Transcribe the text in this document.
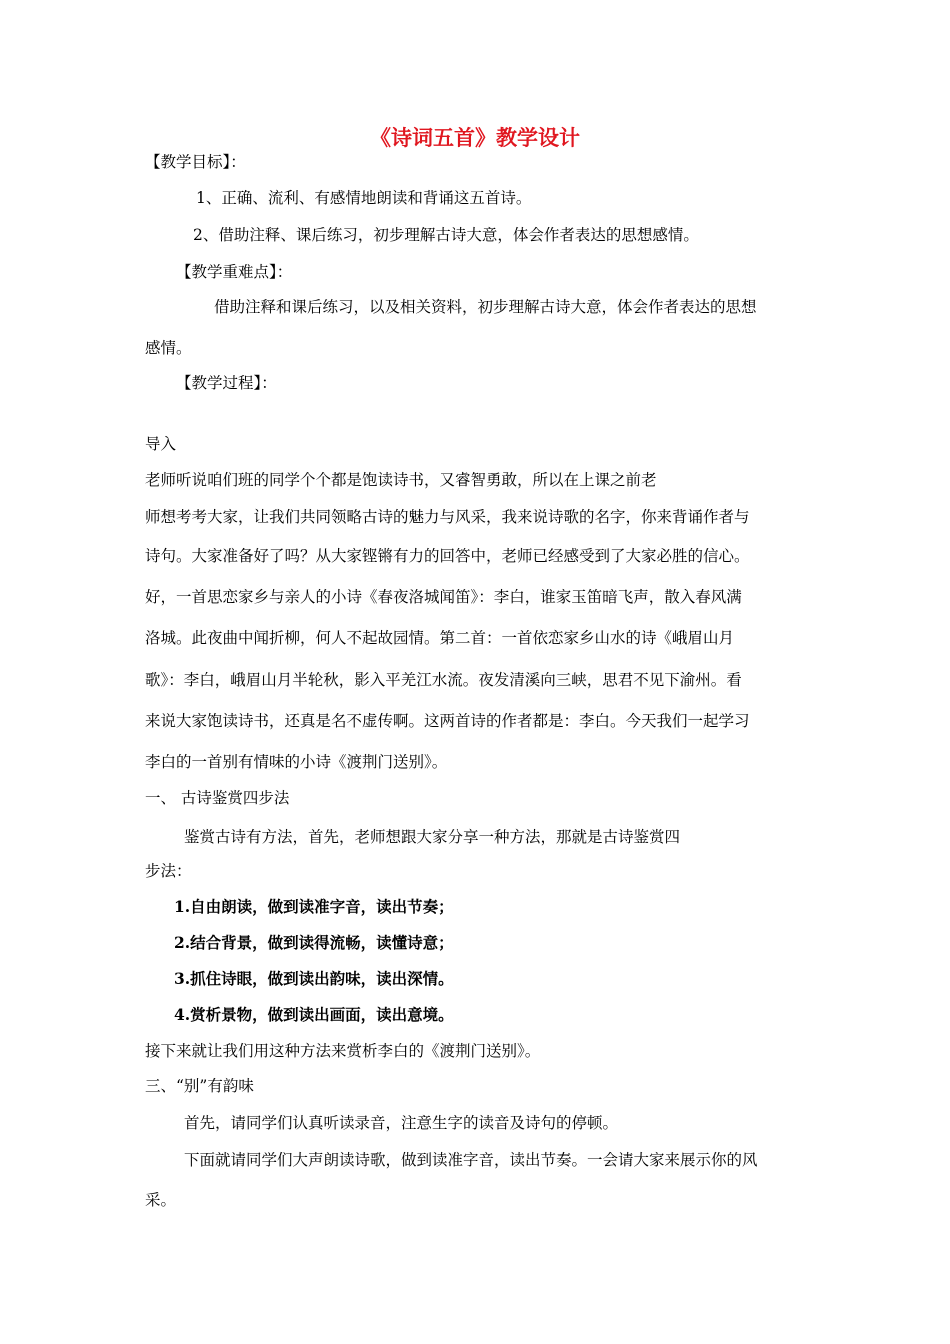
《诗词五首》教学设计
【教学目标】：
1、正确、流利、有感情地朗读和背诵这五首诗。
2、借助注释、课后练习，初步理解古诗大意，体会作者表达的思想感情。
【教学重难点】：
借助注释和课后练习，以及相关资料，初步理解古诗大意，体会作者表达的思想
感情。
【教学过程】：
导入
老师听说咱们班的同学个个都是饱读诗书，又睿智勇敢，所以在上课之前老
师想考考大家，让我们共同领略古诗的魅力与风采，我来说诗歌的名字，你来背诵作者与
诗句。大家准备好了吗？从大家铿锵有力的回答中，老师已经感受到了大家必胜的信心。
好，一首思恋家乡与亲人的小诗《春夜洛城闻笛》：李白，谁家玉笛暗飞声，散入春风满
洛城。此夜曲中闻折柳，何人不起故园情。第二首：一首依恋家乡山水的诗《峨眉山月
歌》：李白，峨眉山月半轮秋，影入平羌江水流。夜发清溪向三峡，思君不见下渝州。看
来说大家饱读诗书，还真是名不虚传啊。这两首诗的作者都是：李白。今天我们一起学习
李白的一首别有情味的小诗《渡荆门送别》。
一、 古诗鉴赏四步法
鉴赏古诗有方法，首先，老师想跟大家分享一种方法，那就是古诗鉴赏四
步法：
1.自由朗读，做到读准字音，读出节奏；
2.结合背景，做到读得流畅，读懂诗意；
3.抓住诗眼，做到读出韵味，读出深情。
4.赏析景物，做到读出画面，读出意境。
接下来就让我们用这种方法来赏析李白的《渡荆门送别》。
三、“别”有韵味
首先，请同学们认真听读录音，注意生字的读音及诗句的停顿。
下面就请同学们大声朗读诗歌，做到读准字音，读出节奏。一会请大家来展示你的风
采。
